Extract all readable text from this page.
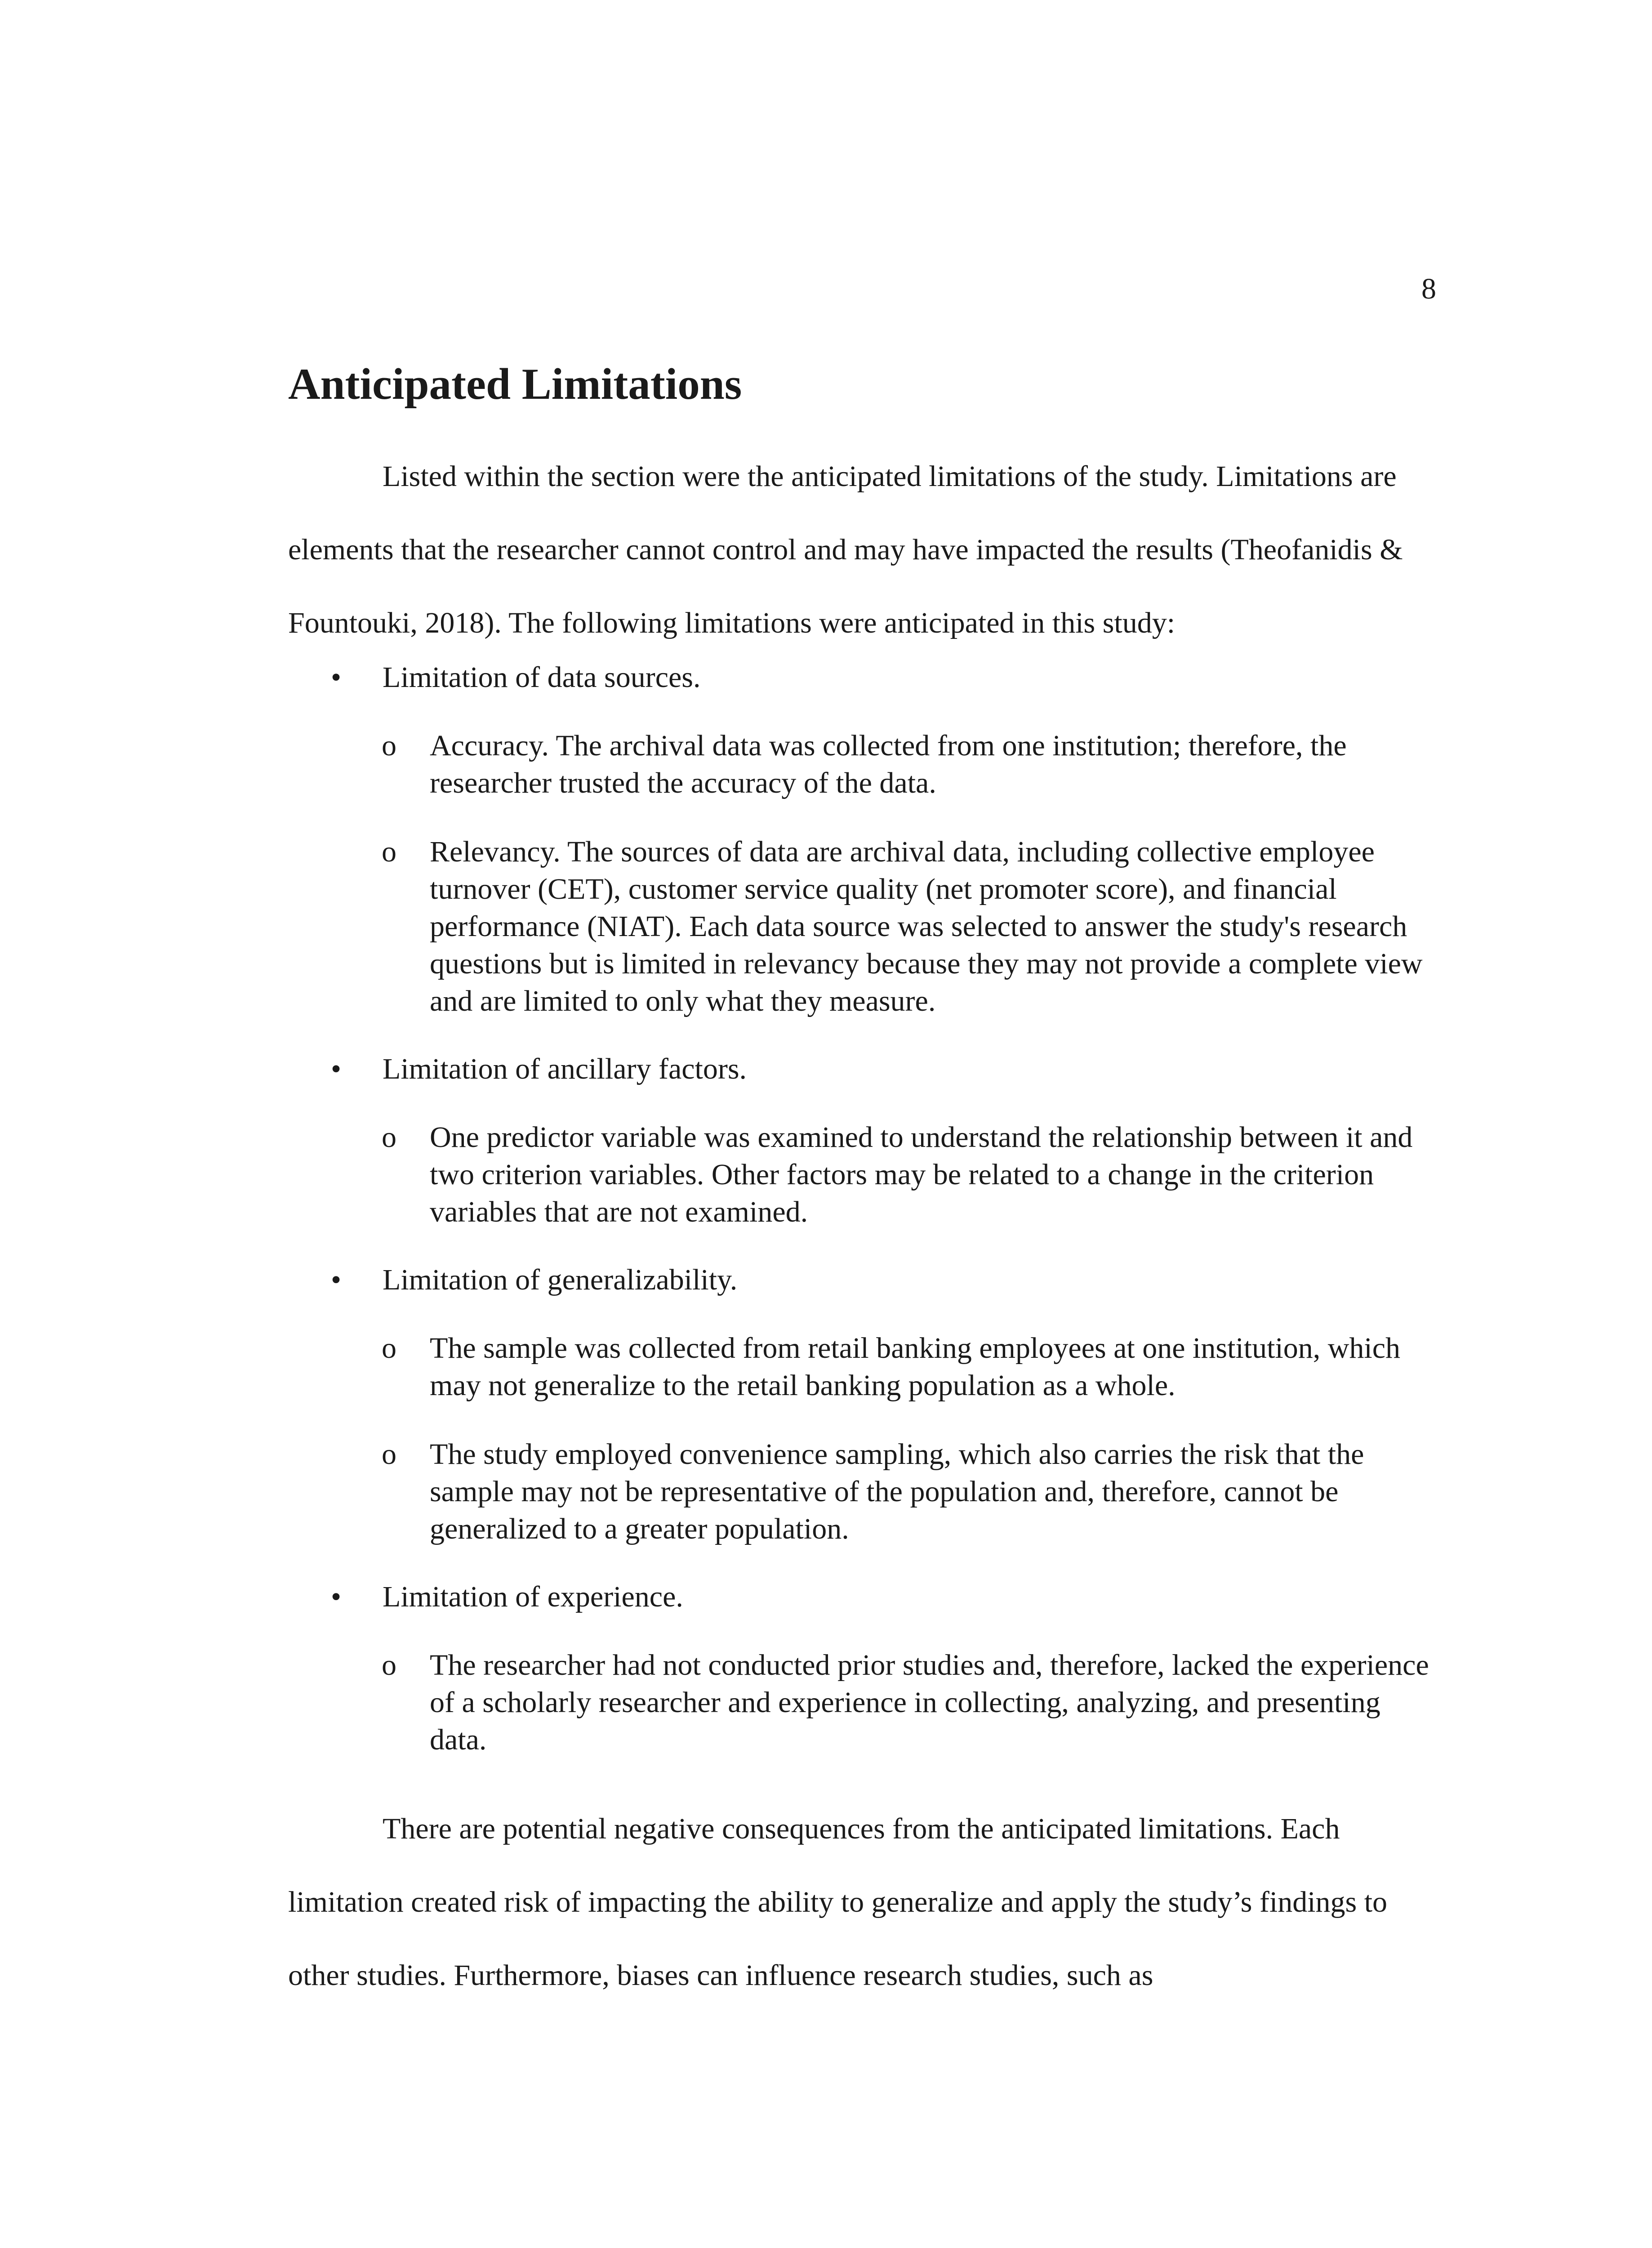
8
Anticipated Limitations

Listed within the section were the anticipated limitations of the study. Limitations are elements that the researcher cannot control and may have impacted the results (Theofanidis & Fountouki, 2018). The following limitations were anticipated in this study:

• Limitation of data sources.
o Accuracy. The archival data was collected from one institution; therefore, the researcher trusted the accuracy of the data.
o Relevancy. The sources of data are archival data, including collective employee turnover (CET), customer service quality (net promoter score), and financial performance (NIAT). Each data source was selected to answer the study's research questions but is limited in relevancy because they may not provide a complete view and are limited to only what they measure.
• Limitation of ancillary factors.
o One predictor variable was examined to understand the relationship between it and two criterion variables. Other factors may be related to a change in the criterion variables that are not examined.
• Limitation of generalizability.
o The sample was collected from retail banking employees at one institution, which may not generalize to the retail banking population as a whole.
o The study employed convenience sampling, which also carries the risk that the sample may not be representative of the population and, therefore, cannot be generalized to a greater population.
• Limitation of experience.
o The researcher had not conducted prior studies and, therefore, lacked the experience of a scholarly researcher and experience in collecting, analyzing, and presenting data.

There are potential negative consequences from the anticipated limitations. Each limitation created risk of impacting the ability to generalize and apply the study’s findings to other studies. Furthermore, biases can influence research studies, such as
